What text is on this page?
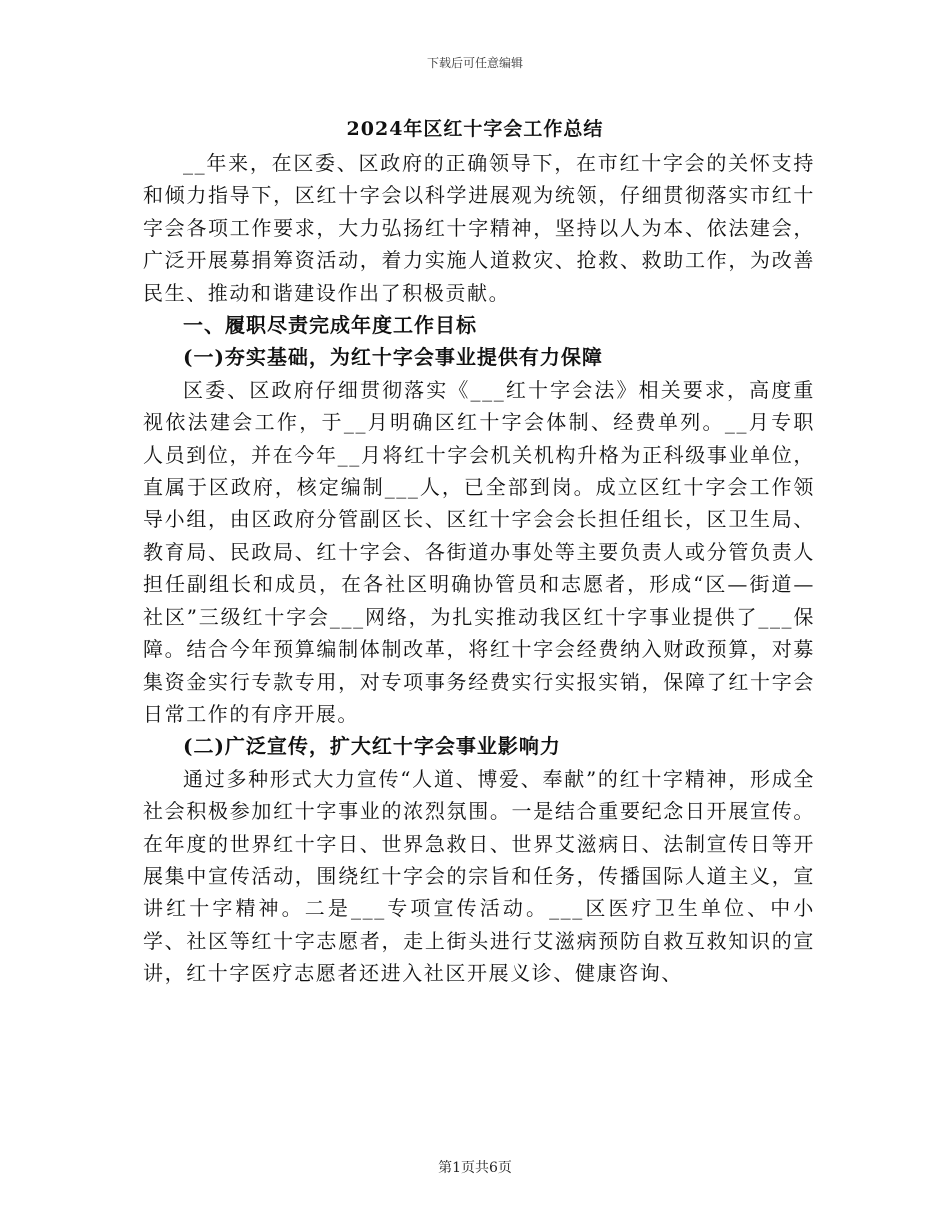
下载后可任意编辑
2024年区红十字会工作总结

__年来，在区委、区政府的正确领导下，在市红十字会的关怀支持和倾力指导下，区红十字会以科学进展观为统领，仔细贯彻落实市红十字会各项工作要求，大力弘扬红十字精神，坚持以人为本、依法建会，广泛开展募捐筹资活动，着力实施人道救灾、抢救、救助工作，为改善民生、推动和谐建设作出了积极贡献。

一、履职尽责完成年度工作目标

(一)夯实基础，为红十字会事业提供有力保障

区委、区政府仔细贯彻落实《___红十字会法》相关要求，高度重视依法建会工作，于__月明确区红十字会体制、经费单列。__月专职人员到位，并在今年__月将红十字会机关机构升格为正科级事业单位，直属于区政府，核定编制___人，已全部到岗。成立区红十字会工作领导小组，由区政府分管副区长、区红十字会会长担任组长，区卫生局、教育局、民政局、红十字会、各街道办事处等主要负责人或分管负责人担任副组长和成员，在各社区明确协管员和志愿者，形成“区—街道—社区”三级红十字会___网络，为扎实推动我区红十字事业提供了___保障。结合今年预算编制体制改革，将红十字会经费纳入财政预算，对募集资金实行专款专用，对专项事务经费实行实报实销，保障了红十字会日常工作的有序开展。

(二)广泛宣传，扩大红十字会事业影响力

通过多种形式大力宣传“人道、博爱、奉献”的红十字精神，形成全社会积极参加红十字事业的浓烈氛围。一是结合重要纪念日开展宣传。在年度的世界红十字日、世界急救日、世界艾滋病日、法制宣传日等开展集中宣传活动，围绕红十字会的宗旨和任务，传播国际人道主义，宣讲红十字精神。二是___专项宣传活动。___区医疗卫生单位、中小学、社区等红十字志愿者，走上街头进行艾滋病预防自救互救知识的宣讲，红十字医疗志愿者还进入社区开展义诊、健康咨询、

第1页共6页
